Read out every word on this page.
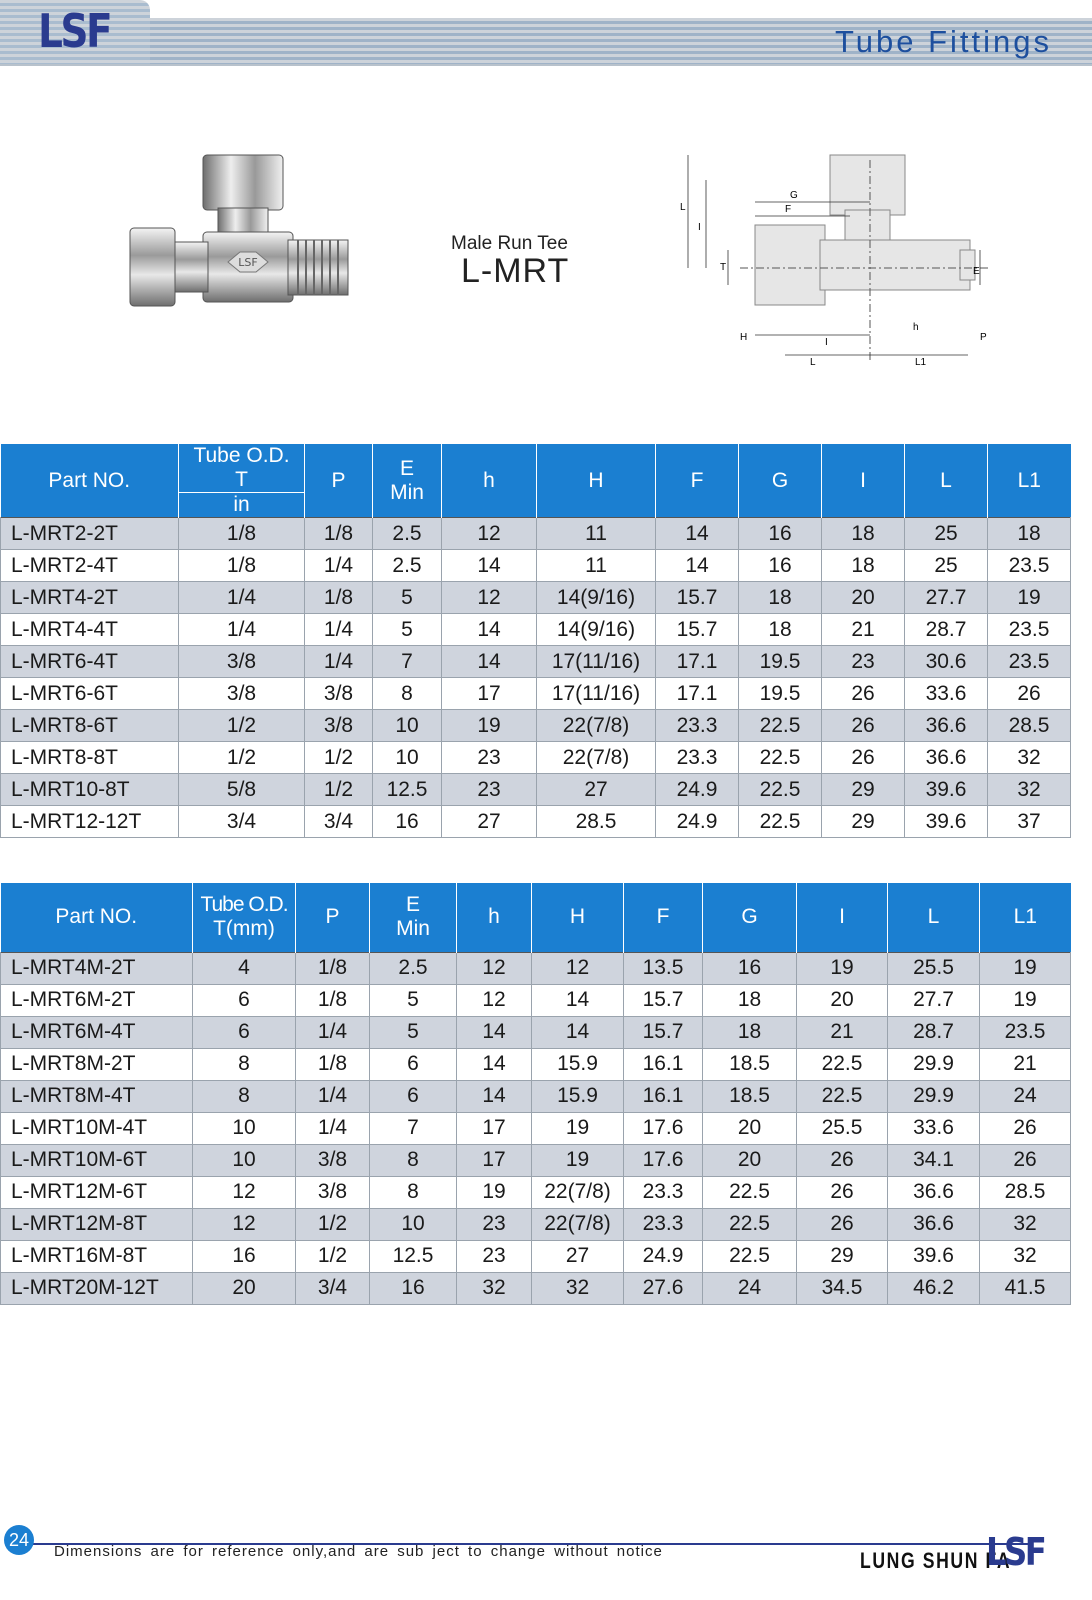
LSF	Tube Fittings
LSF
Male Run Tee
L-MRT
G
F
L
I
T	E
h
H	P
I
L	L1
Part NO.	Tube O.D.
T
in	P	E
Min	h	H	F	G	I	L	L1
L-MRT2-2T	1/8	1/8	2.5	12	11	14	16	18	25	18
L-MRT2-4T	1/8	1/4	2.5	14	11	14	16	18	25	23.5
L-MRT4-2T	1/4	1/8	5	12	14(9/16)	15.7	18	20	27.7	19
L-MRT4-4T	1/4	1/4	5	14	14(9/16)	15.7	18	21	28.7	23.5
L-MRT6-4T	3/8	1/4	7	14	17(11/16)	17.1	19.5	23	30.6	23.5
L-MRT6-6T	3/8	3/8	8	17	17(11/16)	17.1	19.5	26	33.6	26
L-MRT8-6T	1/2	3/8	10	19	22(7/8)	23.3	22.5	26	36.6	28.5
L-MRT8-8T	1/2	1/2	10	23	22(7/8)	23.3	22.5	26	36.6	32
L-MRT10-8T	5/8	1/2	12.5	23	27	24.9	22.5	29	39.6	32
L-MRT12-12T	3/4	3/4	16	27	28.5	24.9	22.5	29	39.6	37
Part NO.	Tube O.D.
T(mm)	P	E
Min	h	H	F	G	I	L	L1
L-MRT4M-2T	4	1/8	2.5	12	12	13.5	16	19	25.5	19
L-MRT6M-2T	6	1/8	5	12	14	15.7	18	20	27.7	19
L-MRT6M-4T	6	1/4	5	14	14	15.7	18	21	28.7	23.5
L-MRT8M-2T	8	1/8	6	14	15.9	16.1	18.5	22.5	29.9	21
L-MRT8M-4T	8	1/4	6	14	15.9	16.1	18.5	22.5	29.9	24
L-MRT10M-4T	10	1/4	7	17	19	17.6	20	25.5	33.6	26
L-MRT10M-6T	10	3/8	8	17	19	17.6	20	26	34.1	26
L-MRT12M-6T	12	3/8	8	19	22(7/8)	23.3	22.5	26	36.6	28.5
L-MRT12M-8T	12	1/2	10	23	22(7/8)	23.3	22.5	26	36.6	32
L-MRT16M-8T	16	1/2	12.5	23	27	24.9	22.5	29	39.6	32
L-MRT20M-12T	20	3/4	16	32	32	27.6	24	34.5	46.2	41.5
24
Dimensions are for reference only,and are sub ject to change without notice	LUNG SHUN FA
LSF
